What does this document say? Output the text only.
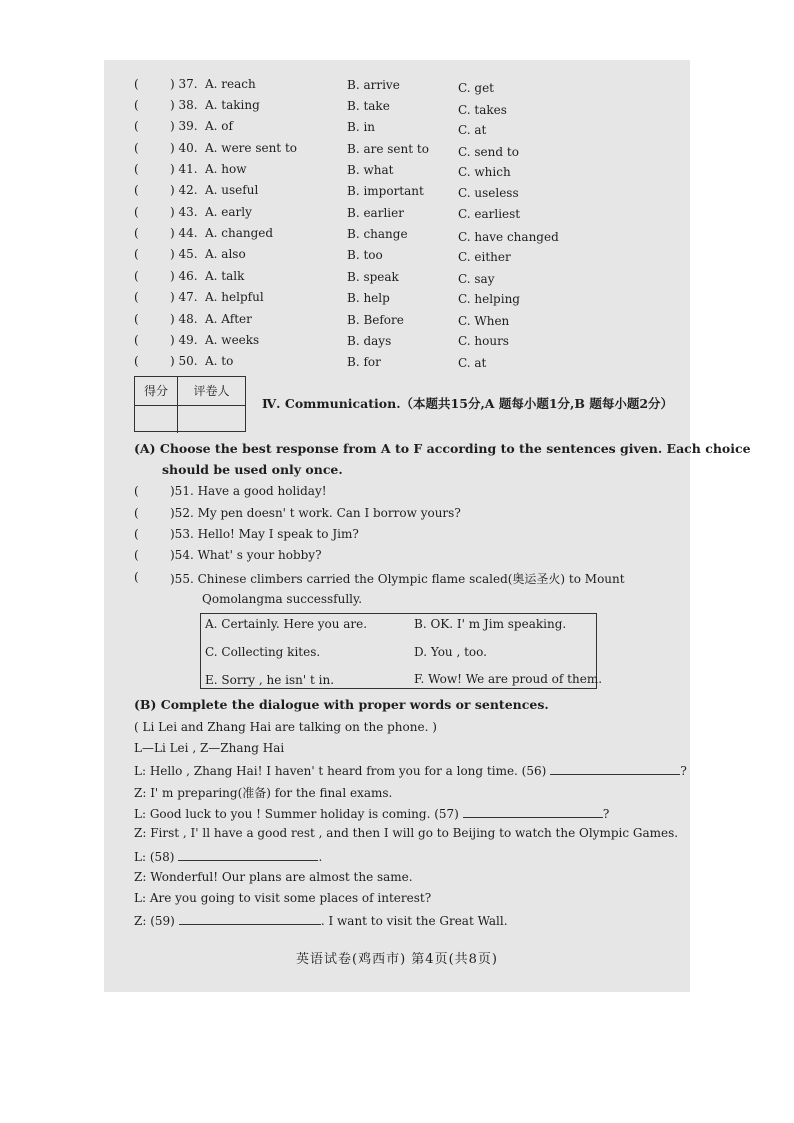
(	) 37. A. reach	B. arrive	C. get
(	) 38. A. taking	B. take	C. takes
(	) 39. A. of	B. in	C. at
(	) 40. A. were sent to	B. are sent to C. send to
(	) 41. A. how	B. what	C. which
(	) 42. A. useful	B. important	C. useless
(	) 43. A. early	B. earlier	C. earliest
(	) 44. A. changed	B. change	C. have changed
(	) 45. A. also	B. too	C. either
(	) 46. A. talk	B. speak	C. say
(	) 47. A. helpful	B. help	C. helping
(	) 48. A. After	B. Before	C. When
(	) 49. A. weeks	B. days	C. hours
(	) 50. A. to	B. for	C. at
得分	评卷人
Ⅳ. Communication.（本题共15分,A 题每小题1分,B 题每小题2分）
(A) Choose the best response from A to F according to the sentences given. Each choice
should be used only once.
(	)51. Have a good holiday!
(	)52. My pen doesn' t work. Can I borrow yours?
(	)53. Hello! May I speak to Jim?
(	)54. What' s your hobby?
(	)55. Chinese climbers carried the Olympic flame scaled(奥运圣火) to Mount
Qomolangma successfully.
A. Certainly. Here you are.	B. OK. I' m Jim speaking.
C. Collecting kites.	D. You , too.
E. Sorry , he isn' t in.	F. Wow! We are proud of them.
(B) Complete the dialogue with proper words or sentences.
( Li Lei and Zhang Hai are talking on the phone. )
L—Li Lei , Z—Zhang Hai
L: Hello , Zhang Hai! I haven' t heard from you for a long time. (56)	?
Z: I' m preparing(准备) for the final exams.
L: Good luck to you ! Summer holiday is coming. (57)	?
Z: First , I' ll have a good rest , and then I will go to Beijing to watch the Olympic Games.
L: (58)	.
Z: Wonderful! Our plans are almost the same.
L: Are you going to visit some places of interest?
Z: (59)	. I want to visit the Great Wall.
英语试卷(鸡西市) 第4页(共8页)
